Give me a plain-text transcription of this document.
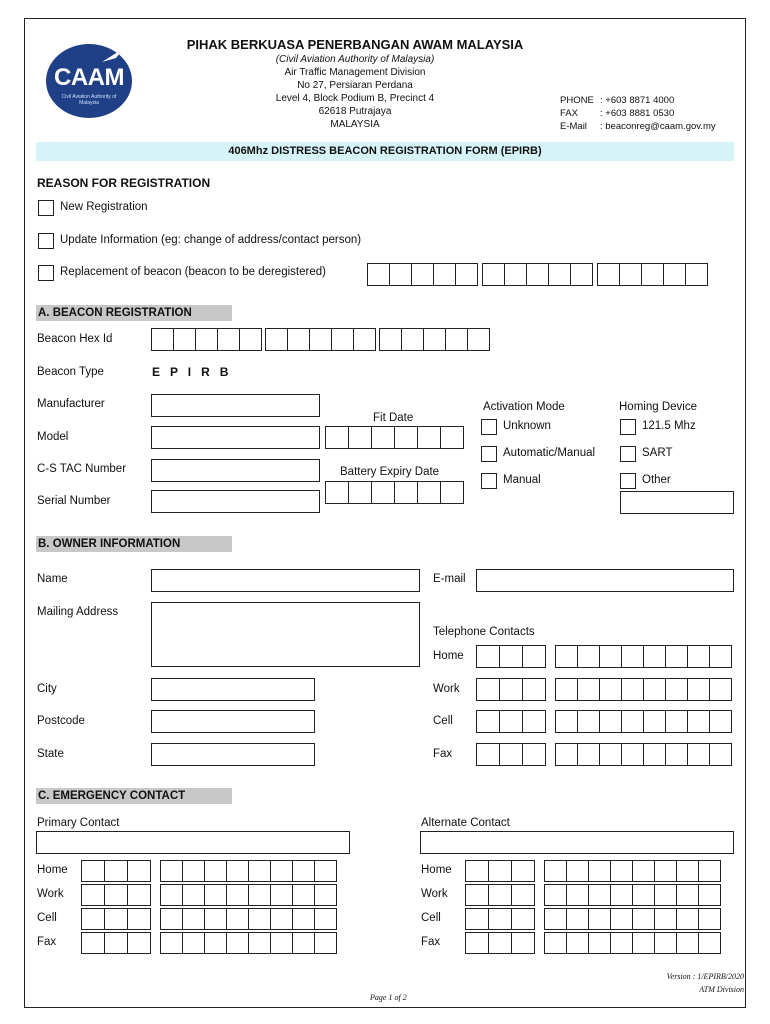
CAAM
Civil Aviation Authority of Malaysia
PIHAK BERKUASA PENERBANGAN AWAM MALAYSIA
(Civil Aviation Authority of Malaysia)
Air Traffic Management Division
No 27, Persiaran Perdana
Level 4, Block Podium B, Precinct 4
62618 Putrajaya
MALAYSIA
PHONE : +603 8871 4000
FAX : +603 8881 0530
E-Mail : beaconreg@caam.gov.my
406Mhz DISTRESS BEACON REGISTRATION FORM (EPIRB)
REASON FOR REGISTRATION
New Registration
Update Information (eg: change of address/contact person)
Replacement of beacon (beacon to be deregistered)
A. BEACON REGISTRATION
Beacon Hex Id
Beacon Type	E   P   I   R   B
Manufacturer
Model
C-S TAC Number
Serial Number
Fit Date
Battery Expiry Date
Activation Mode
Unknown
Automatic/Manual
Manual
Homing Device
121.5 Mhz
SART
Other
B. OWNER INFORMATION
Name	E-mail
Mailing Address
Telephone Contacts
Home
Work
Cell
Fax
City
Postcode
State
C. EMERGENCY CONTACT
Primary Contact	Alternate Contact
Home
Work
Cell
Fax
Home
Work
Cell
Fax
Version : 1/EPIRB/2020
ATM Division
Page 1 of 2
